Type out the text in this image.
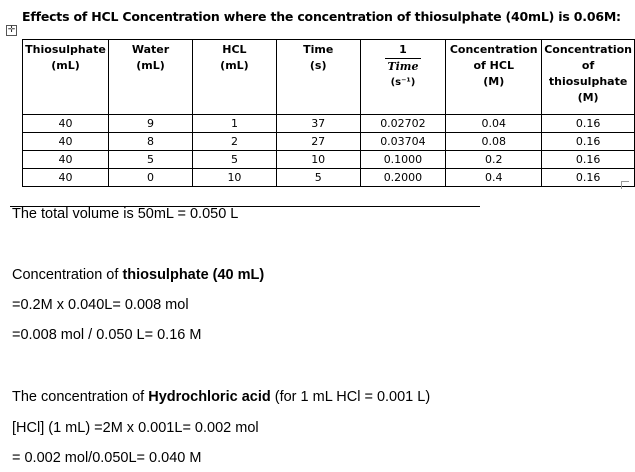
Effects of HCL Concentration where the concentration of thiosulphate (40mL) is 0.06M:
✛
Thiosulphate
(mL)	Water
(mL)	HCL
(mL)	Time
(s)	1
Time
(s⁻¹)	Concentration
of HCL
(M)	Concentration
of
thiosulphate
(M)
40	9	1	37	0.02702	0.04	0.16
40	8	2	27	0.03704	0.08	0.16
40	5	5	10	0.1000	0.2	0.16
40	0	10	5	0.2000	0.4	0.16
The total volume is 50mL = 0.050 L
Concentration of thiosulphate (40 mL)
=0.2M x 0.040L= 0.008 mol
=0.008 mol / 0.050 L= 0.16 M
The concentration of Hydrochloric acid (for 1 mL HCl = 0.001 L)
[HCl] (1 mL) =2M x 0.001L= 0.002 mol
= 0.002 mol/0.050L= 0.040 M
